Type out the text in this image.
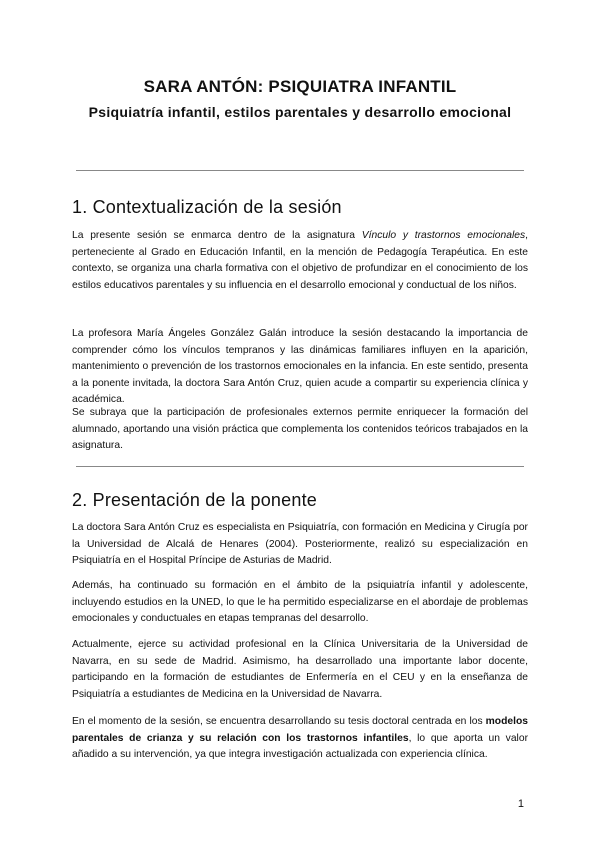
SARA ANTÓN: PSIQUIATRA INFANTIL
Psiquiatría infantil, estilos parentales y desarrollo emocional
1. Contextualización de la sesión

La presente sesión se enmarca dentro de la asignatura Vínculo y trastornos emocionales, perteneciente al Grado en Educación Infantil, en la mención de Pedagogía Terapéutica. En este contexto, se organiza una charla formativa con el objetivo de profundizar en el conocimiento de los estilos educativos parentales y su influencia en el desarrollo emocional y conductual de los niños.

La profesora María Ángeles González Galán introduce la sesión destacando la importancia de comprender cómo los vínculos tempranos y las dinámicas familiares influyen en la aparición, mantenimiento o prevención de los trastornos emocionales en la infancia. En este sentido, presenta a la ponente invitada, la doctora Sara Antón Cruz, quien acude a compartir su experiencia clínica y académica.

Se subraya que la participación de profesionales externos permite enriquecer la formación del alumnado, aportando una visión práctica que complementa los contenidos teóricos trabajados en la asignatura.

2. Presentación de la ponente

La doctora Sara Antón Cruz es especialista en Psiquiatría, con formación en Medicina y Cirugía por la Universidad de Alcalá de Henares (2004). Posteriormente, realizó su especialización en Psiquiatría en el Hospital Príncipe de Asturias de Madrid.

Además, ha continuado su formación en el ámbito de la psiquiatría infantil y adolescente, incluyendo estudios en la UNED, lo que le ha permitido especializarse en el abordaje de problemas emocionales y conductuales en etapas tempranas del desarrollo.

Actualmente, ejerce su actividad profesional en la Clínica Universitaria de la Universidad de Navarra, en su sede de Madrid. Asimismo, ha desarrollado una importante labor docente, participando en la formación de estudiantes de Enfermería en el CEU y en la enseñanza de Psiquiatría a estudiantes de Medicina en la Universidad de Navarra.

En el momento de la sesión, se encuentra desarrollando su tesis doctoral centrada en los modelos parentales de crianza y su relación con los trastornos infantiles, lo que aporta un valor añadido a su intervención, ya que integra investigación actualizada con experiencia clínica.

1
